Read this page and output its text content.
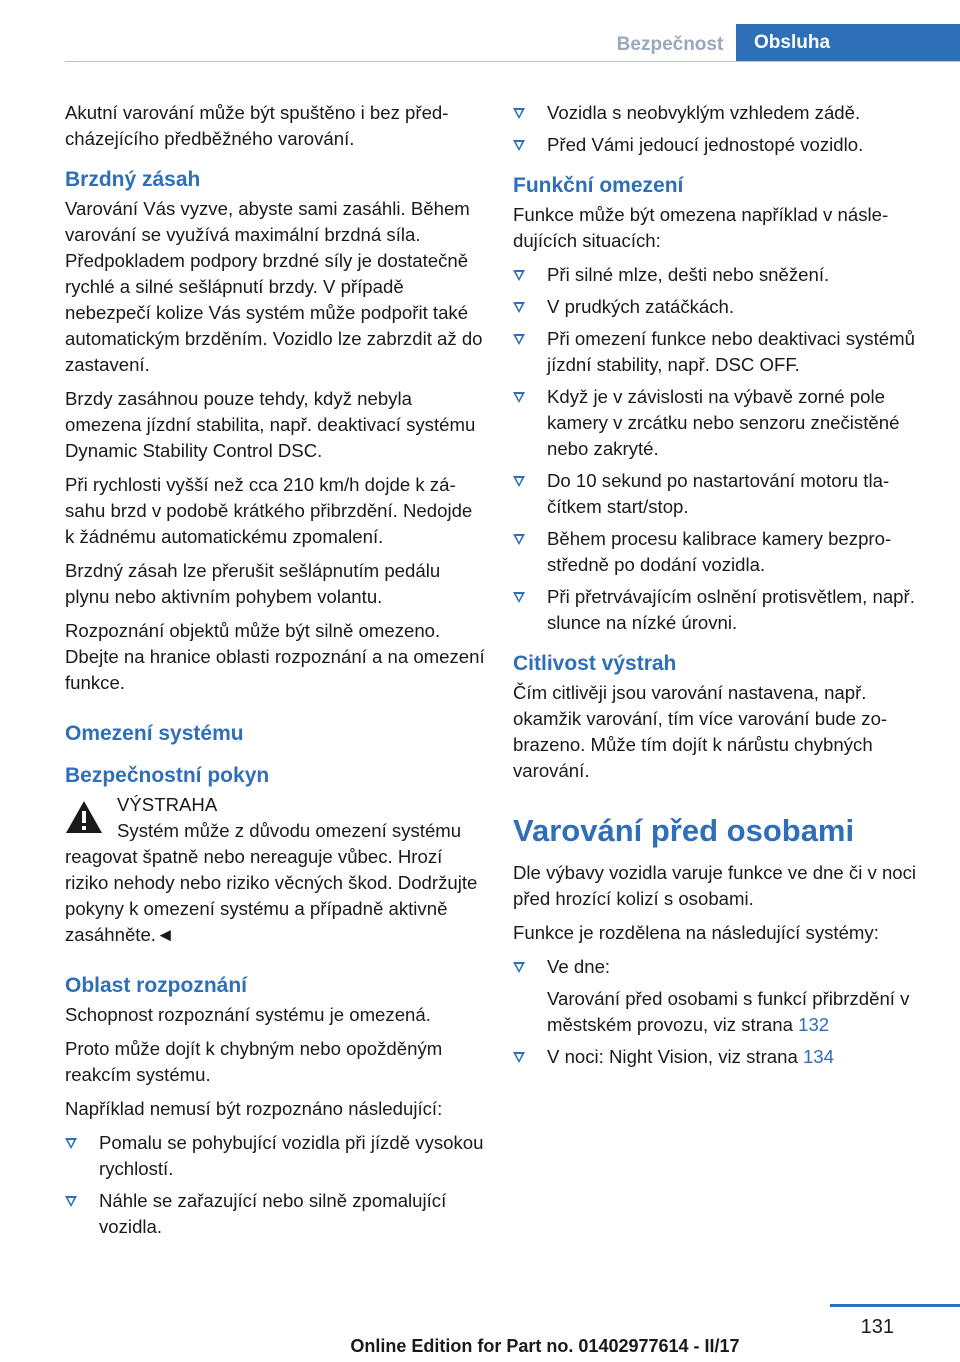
Bezpečnost	Obsluha

Akutní varování může být spuštěno i bez předcházejícího předběžného varování.

Brzdný zásah

Varování Vás vyzve, abyste sami zasáhli. Během varování se využívá maximální brzdná síla. Předpokladem podpory brzdné síly je dostatečně rychlé a silné sešlápnutí brzdy. V případě nebezpečí kolize Vás systém může podpořit také automatickým brzděním. Vozidlo lze zabrzdit až do zastavení.

Brzdy zasáhnou pouze tehdy, když nebyla omezena jízdní stabilita, např. deaktivací systému Dynamic Stability Control DSC.

Při rychlosti vyšší než cca 210 km/h dojde k zásahu brzd v podobě krátkého přibrzdění. Nedojde k žádnému automatickému zpomalení.

Brzdný zásah lze přerušit sešlápnutím pedálu plynu nebo aktivním pohybem volantu.

Rozpoznání objektů může být silně omezeno. Dbejte na hranice oblasti rozpoznání a na omezení funkce.

Omezení systému
Bezpečnostní pokyn

VÝSTRAHA

Systém může z důvodu omezení systému reagovat špatně nebo nereaguje vůbec. Hrozí riziko nehody nebo riziko věcných škod. Dodržujte pokyny k omezení systému a případně aktivně zasáhněte.◄

Oblast rozpoznání

Schopnost rozpoznání systému je omezená.

Proto může dojít k chybným nebo opožděným reakcím systému.

Například nemusí být rozpoznáno následující:

Pomalu se pohybující vozidla při jízdě vysokou rychlostí.
Náhle se zařazující nebo silně zpomalující vozidla.
Vozidla s neobvyklým vzhledem zádě.
Před Vámi jedoucí jednostopé vozidlo.
Funkční omezení

Funkce může být omezena například v následujících situacích:

Při silné mlze, dešti nebo sněžení.
V prudkých zatáčkách.
Při omezení funkce nebo deaktivaci systémů jízdní stability, např. DSC OFF.
Když je v závislosti na výbavě zorné pole kamery v zrcátku nebo senzoru znečistěné nebo zakryté.
Do 10 sekund po nastartování motoru tlačítkem start/stop.
Během procesu kalibrace kamery bezprostředně po dodání vozidla.
Při přetrvávajícím oslnění protisvětlem, např. slunce na nízké úrovni.
Citlivost výstrah

Čím citlivěji jsou varování nastavena, např. okamžik varování, tím více varování bude zobrazeno. Může tím dojít k nárůstu chybných varování.

Varování před osobami

Dle výbavy vozidla varuje funkce ve dne či v noci před hrozící kolizí s osobami.

Funkce je rozdělena na následující systémy:

Ve dne:

Varování před osobami s funkcí přibrzdění v městském provozu, viz strana 132

V noci: Night Vision, viz strana 134
131
Online Edition for Part no. 01402977614 - II/17
